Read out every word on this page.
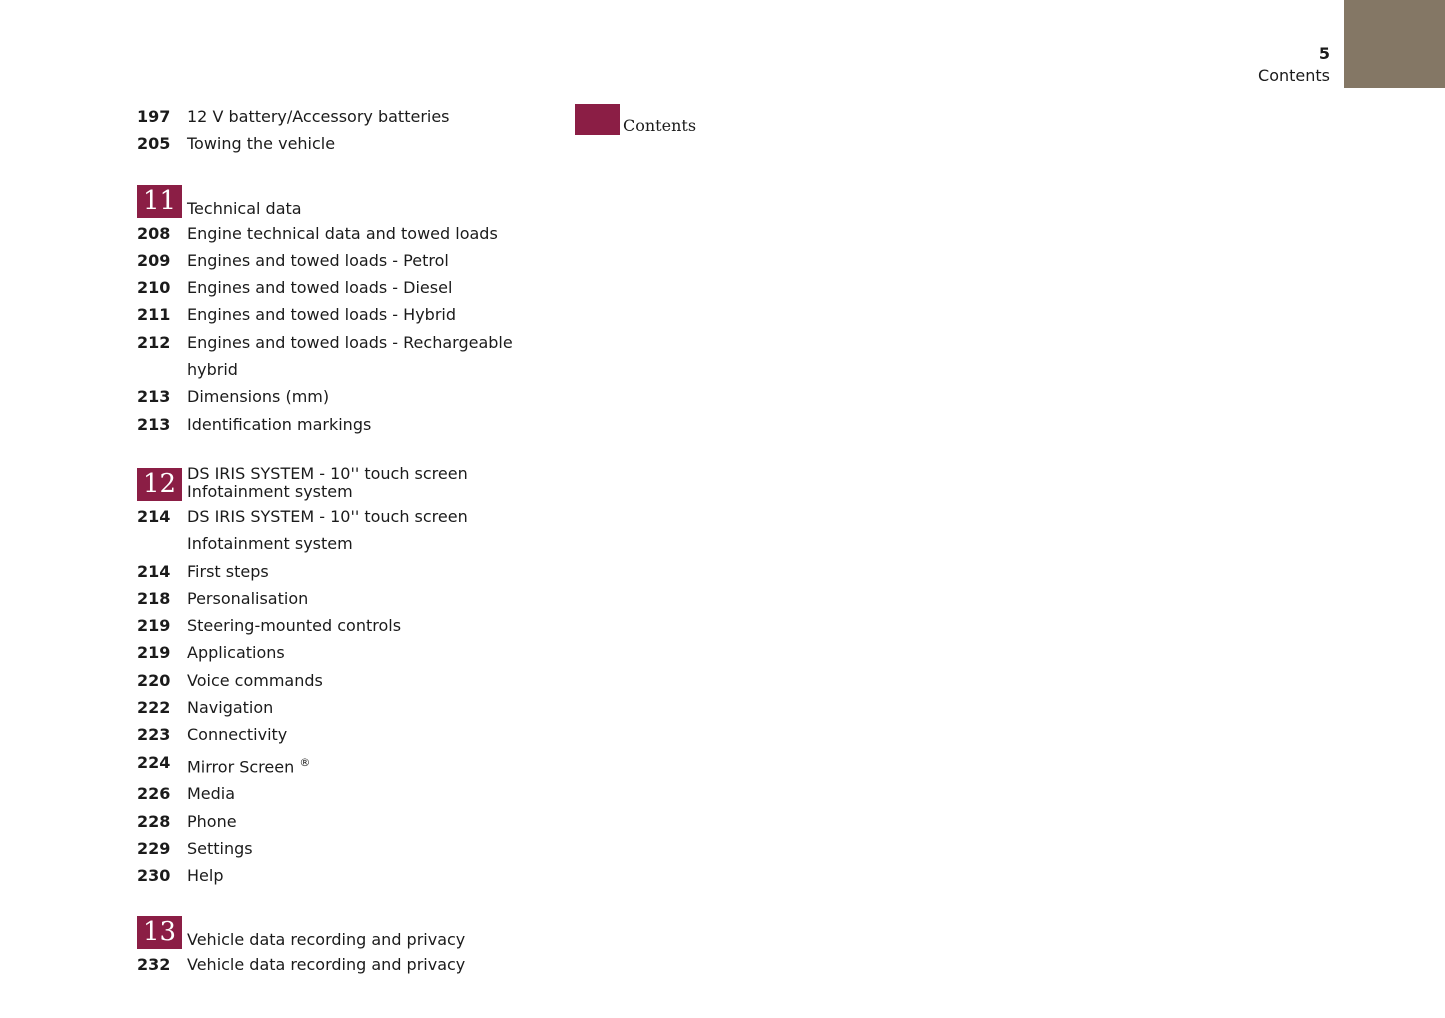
5
Contents
Contents
197	12 V battery/Accessory batteries
205	Towing the vehicle
11 Technical data
208	Engine technical data and towed loads
209	Engines and towed loads - Petrol
210	Engines and towed loads - Diesel
211	Engines and towed loads - Hybrid
212	Engines and towed loads - Rechargeable
hybrid
213	Dimensions (mm)
213	Identification markings
12 DS IRIS SYSTEM - 10'' touch screen
Infotainment system
214	DS IRIS SYSTEM - 10'' touch screen
Infotainment system
214	First steps
218	Personalisation
219	Steering-mounted controls
219	Applications
220	Voice commands
222	Navigation
223	Connectivity
224	Mirror Screen ®
226	Media
228	Phone
229	Settings
230	Help
13 Vehicle data recording and privacy
232	Vehicle data recording and privacy
